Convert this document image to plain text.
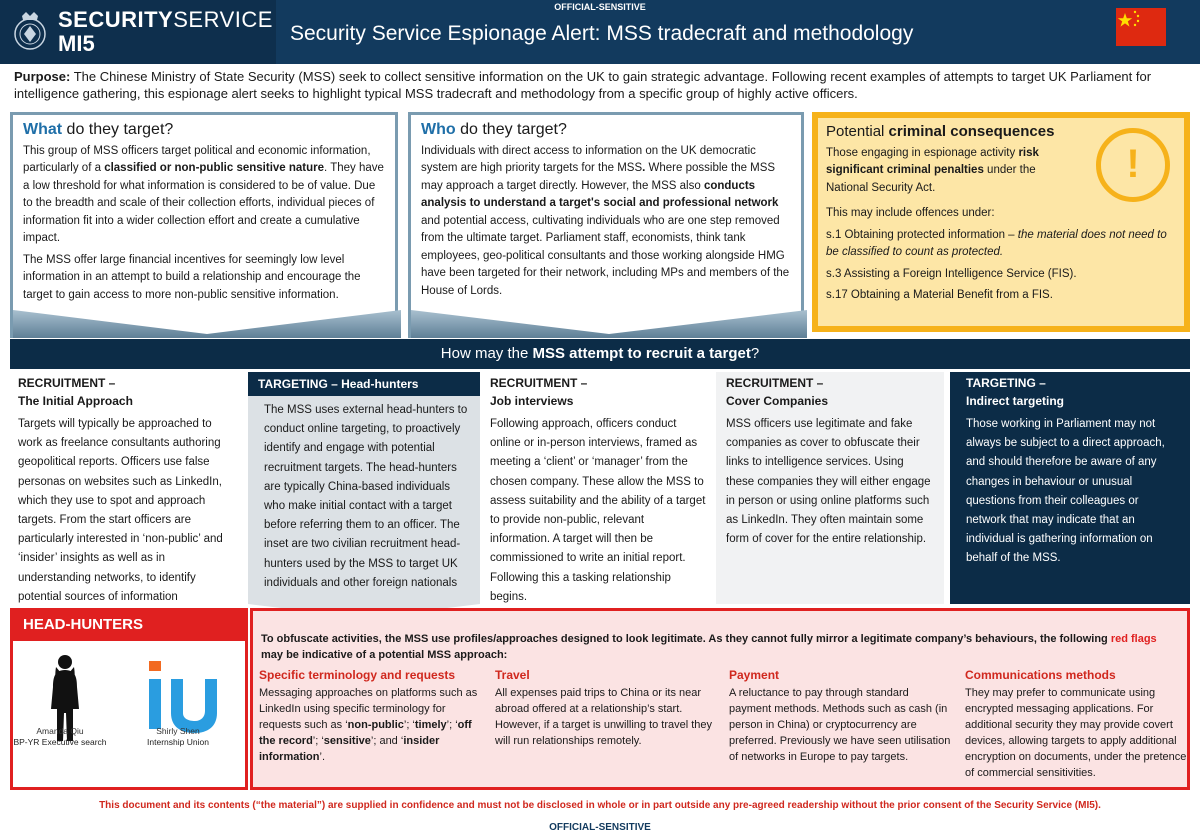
SECURITYSERVICE
MI5
OFFICIAL-SENSITIVE
Security Service Espionage Alert: MSS tradecraft and methodology
Purpose: The Chinese Ministry of State Security (MSS) seek to collect sensitive information on the UK to gain strategic advantage. Following recent examples of attempts to target UK Parliament for intelligence gathering, this espionage alert seeks to highlight typical MSS tradecraft and methodology from a specific group of highly active officers.
What do they target?

This group of MSS officers target political and economic information, particularly of a classified or non-public sensitive nature. They have a low threshold for what information is considered to be of value. Due to the breadth and scale of their collection efforts, individual pieces of information fit into a wider collection effort and create a cumulative impact.

The MSS offer large financial incentives for seemingly low level information in an attempt to build a relationship and encourage the target to gain access to more non-public sensitive information.

Who do they target?

Individuals with direct access to information on the UK democratic system are high priority targets for the MSS. Where possible the MSS may approach a target directly. However, the MSS also conducts analysis to understand a target's social and professional network and potential access, cultivating individuals who are one step removed from the ultimate target. Parliament staff, economists, think tank employees, geo-political consultants and those working alongside HMG have been targeted for their network, including MPs and members of the House of Lords.

!
Potential criminal consequences

Those engaging in espionage activity risk significant criminal penalties under the National Security Act.

This may include offences under:

s.1 Obtaining protected information – the material does not need to be classified to count as protected.

s.3 Assisting a Foreign Intelligence Service (FIS).

s.17 Obtaining a Material Benefit from a FIS.

How may the MSS attempt to recruit a target?
RECRUITMENT –
The Initial Approach
Targets will typically be approached to work as freelance consultants authoring geopolitical reports. Officers use false personas on websites such as LinkedIn, which they use to spot and approach targets. From the start officers are particularly interested in ‘non-public’ and ‘insider’ insights as well as in understanding networks, to identify potential sources of information
TARGETING – Head-hunters
The MSS uses external head-hunters to conduct online targeting, to proactively identify and engage with potential recruitment targets. The head-hunters are typically China-based individuals who make initial contact with a target before referring them to an officer. The inset are two civilian recruitment head-hunters used by the MSS to target UK individuals and other foreign nationals
RECRUITMENT –
Job interviews
Following approach, officers conduct online or in-person interviews, framed as meeting a ‘client’ or ‘manager’ from the chosen company. These allow the MSS to assess suitability and the ability of a target to provide non-public, relevant information. A target will then be commissioned to write an initial report. Following this a tasking relationship begins.
RECRUITMENT –
Cover Companies
MSS officers use legitimate and fake companies as cover to obfuscate their links to intelligence services. Using these companies they will either engage in person or using online platforms such as LinkedIn. They often maintain some form of cover for the entire relationship.
TARGETING –
Indirect targeting
Those working in Parliament may not always be subject to a direct approach, and should therefore be aware of any changes in behaviour or unusual questions from their colleagues or network that may indicate that an individual is gathering information on behalf of the MSS.
HEAD-HUNTERS
Amanda Qiu
BP-YR Executive search
Shirly Shen
Internship Union
To obfuscate activities, the MSS use profiles/approaches designed to look legitimate. As they cannot fully mirror a legitimate company’s behaviours, the following red flags may be indicative of a potential MSS approach:
Specific terminology and requests
Messaging approaches on platforms such as LinkedIn using specific terminology for requests such as ‘non-public’; ‘timely’; ‘off the record’; ‘sensitive’; and ‘insider information’.
Travel
All expenses paid trips to China or its near abroad offered at a relationship’s start. However, if a target is unwilling to travel they will run relationships remotely.
Payment
A reluctance to pay through standard payment methods. Methods such as cash (in person in China) or cryptocurrency are preferred. Previously we have seen utilisation of networks in Europe to pay targets.
Communications methods
They may prefer to communicate using encrypted messaging applications. For additional security they may provide covert devices, allowing targets to apply additional encryption on documents, under the pretence of commercial sensitivities.
This document and its contents (“the material”) are supplied in confidence and must not be disclosed in whole or in part outside any pre-agreed readership without the prior consent of the Security Service (MI5).
OFFICIAL-SENSITIVE
